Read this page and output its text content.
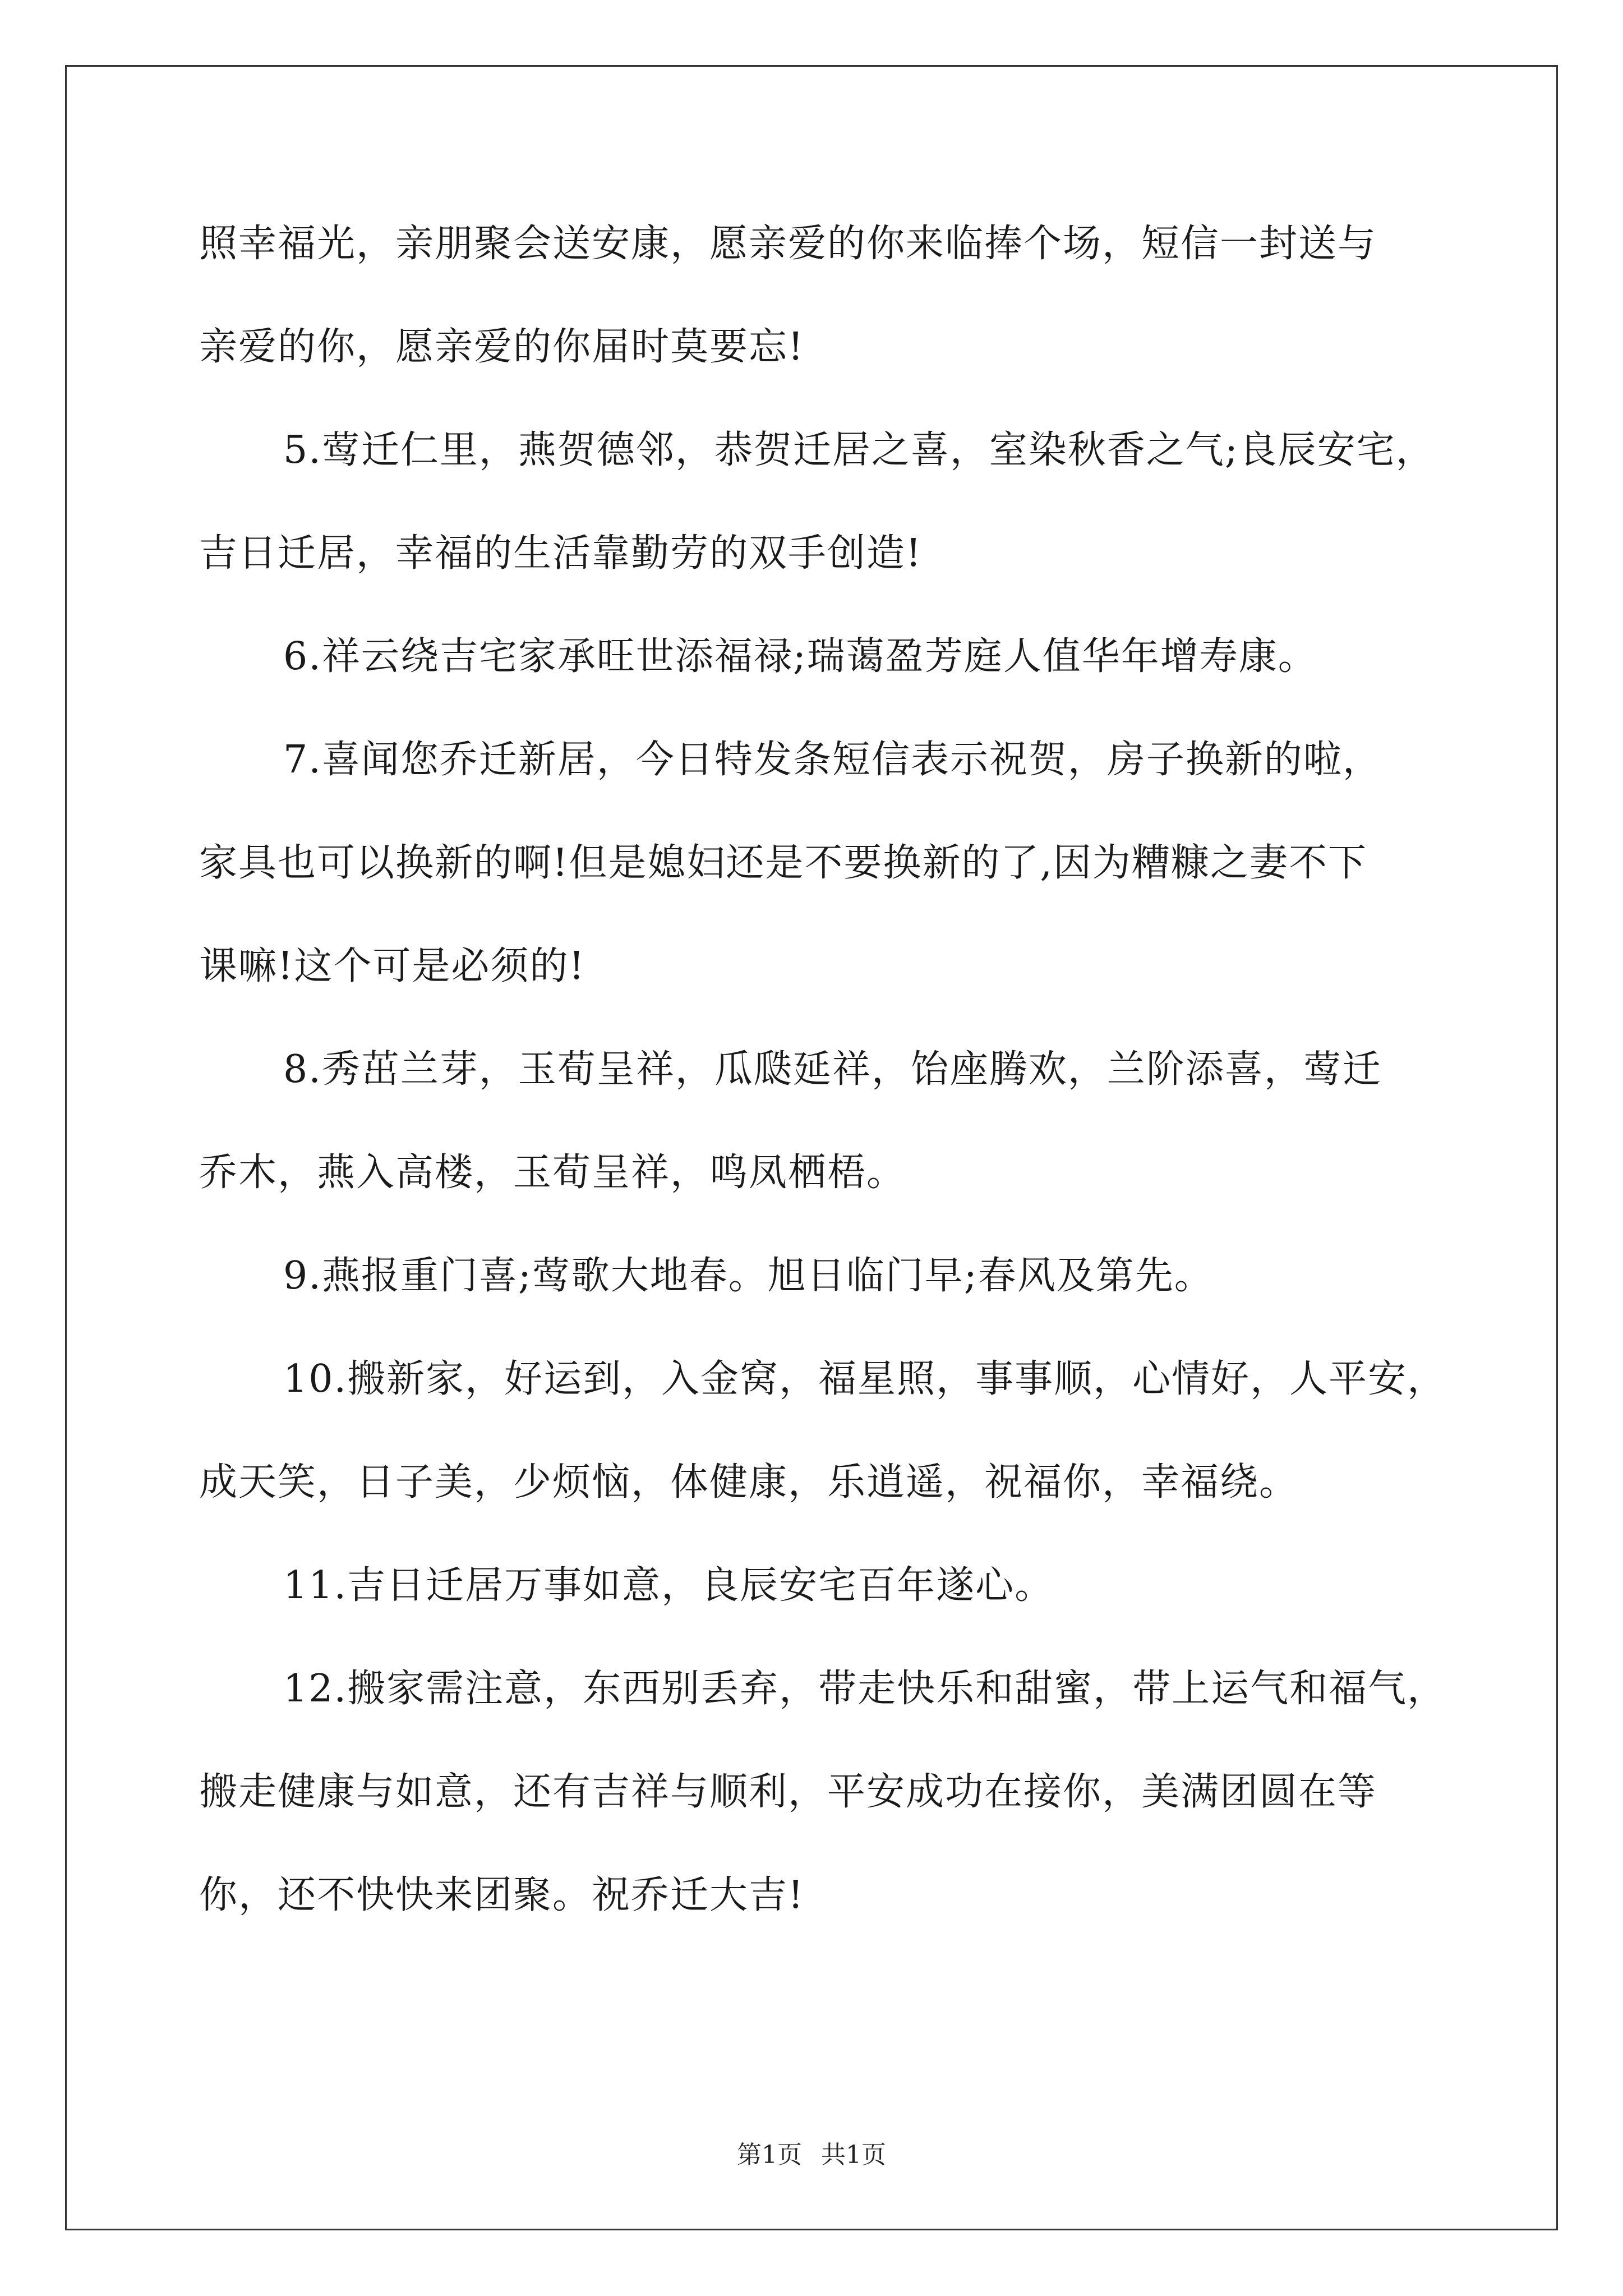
照幸福光，亲朋聚会送安康，愿亲爱的你来临捧个场，短信一封送与
亲爱的你，愿亲爱的你届时莫要忘!
5.莺迁仁里，燕贺德邻，恭贺迁居之喜，室染秋香之气;良辰安宅，
吉日迁居，幸福的生活靠勤劳的双手创造!
6.祥云绕吉宅家承旺世添福禄;瑞蔼盈芳庭人值华年增寿康。
7.喜闻您乔迁新居，今日特发条短信表示祝贺，房子换新的啦，
家具也可以换新的啊!但是媳妇还是不要换新的了,因为糟糠之妻不下
课嘛!这个可是必须的!
8.秀茁兰芽，玉荀呈祥，瓜瓞延祥，饴座腾欢，兰阶添喜，莺迁
乔木，燕入高楼，玉荀呈祥，鸣凤栖梧。
9.燕报重门喜;莺歌大地春。旭日临门早;春风及第先。
10.搬新家，好运到，入金窝，福星照，事事顺，心情好，人平安，
成天笑，日子美，少烦恼，体健康，乐逍遥，祝福你，幸福绕。
11.吉日迁居万事如意，良辰安宅百年遂心。
12.搬家需注意，东西别丢弃，带走快乐和甜蜜，带上运气和福气，
搬走健康与如意，还有吉祥与顺利，平安成功在接你，美满团圆在等
你，还不快快来团聚。祝乔迁大吉!
第1页 共1页
